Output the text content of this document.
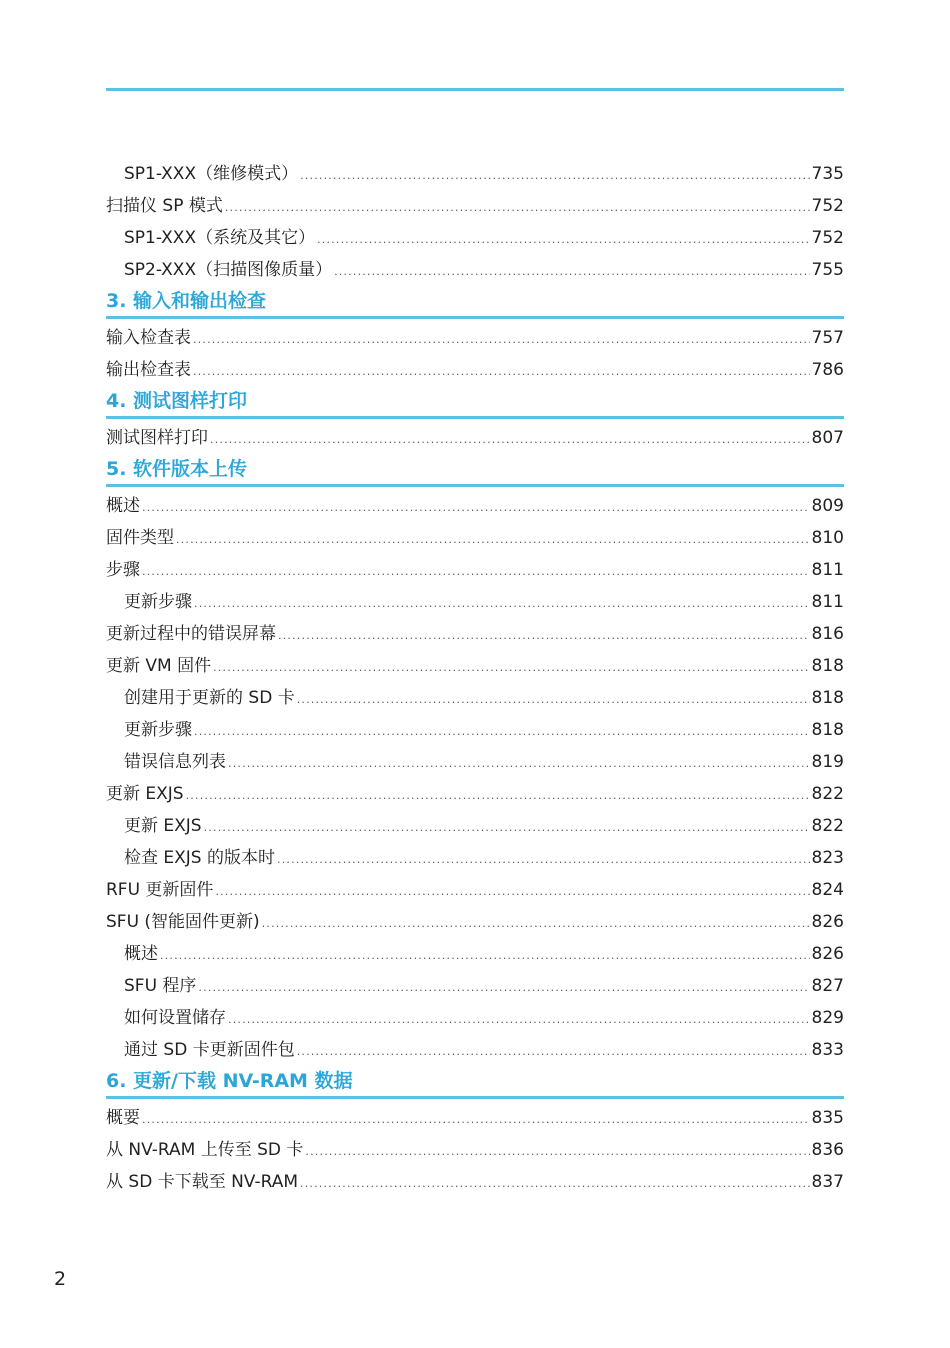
SP1-XXX（维修模式） .....	735
扫描仪 SP 模式 .....	752
SP1-XXX（系统及其它） .....	752
SP2-XXX（扫描图像质量） .....	755
3. 输入和输出检查
输入检查表 .....	757
输出检查表 .....	786
4. 测试图样打印
测试图样打印 .....	807
5. 软件版本上传
概述 .....	809
固件类型 .....	810
步骤 .....	811
更新步骤 .....	811
更新过程中的错误屏幕 .....	816
更新 VM 固件 .....	818
创建用于更新的 SD 卡 .....	818
更新步骤 .....	818
错误信息列表 .....	819
更新 EXJS .....	822
更新 EXJS .....	822
检查 EXJS 的版本时 .....	823
RFU 更新固件 .....	824
SFU (智能固件更新) .....	826
概述 .....	826
SFU 程序 .....	827
如何设置储存 .....	829
通过 SD 卡更新固件包 .....	833
6. 更新/下载 NV-RAM 数据
概要 .....	835
从 NV-RAM 上传至 SD 卡 .....	836
从 SD 卡下载至 NV-RAM .....	837
2
